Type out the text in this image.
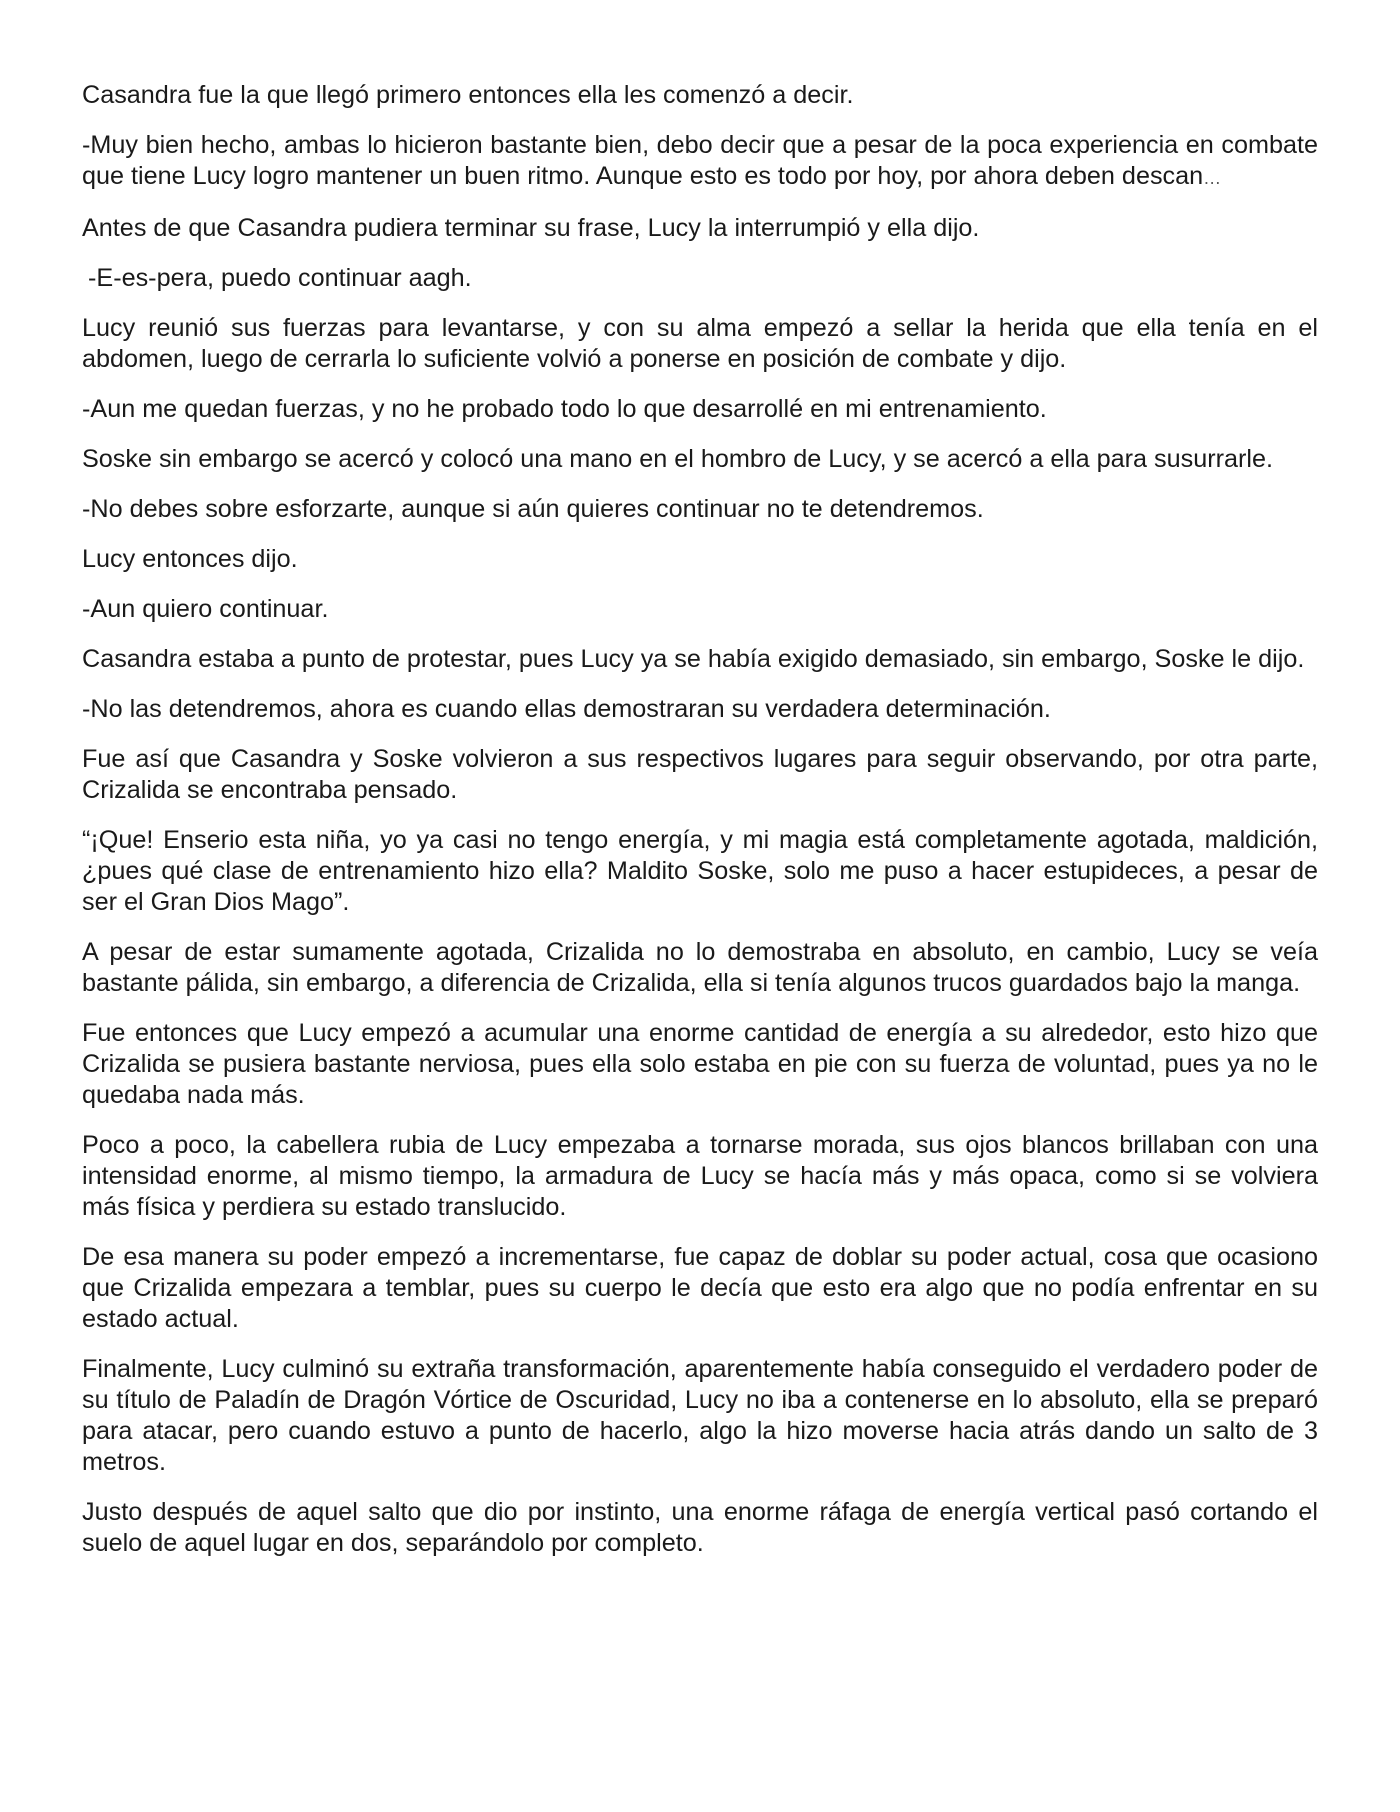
Casandra fue la que llegó primero entonces ella les comenzó a decir.

-Muy bien hecho, ambas lo hicieron bastante bien, debo decir que a pesar de la poca experiencia en combate que tiene Lucy logro mantener un buen ritmo. Aunque esto es todo por hoy, por ahora deben descan…

Antes de que Casandra pudiera terminar su frase, Lucy la interrumpió y ella dijo.

-E-es-pera, puedo continuar aagh.

Lucy reunió sus fuerzas para levantarse, y con su alma empezó a sellar la herida que ella tenía en el abdomen, luego de cerrarla lo suficiente volvió a ponerse en posición de combate y dijo.

-Aun me quedan fuerzas, y no he probado todo lo que desarrollé en mi entrenamiento.

Soske sin embargo se acercó y colocó una mano en el hombro de Lucy, y se acercó a ella para susurrarle.

-No debes sobre esforzarte, aunque si aún quieres continuar no te detendremos.

Lucy entonces dijo.

-Aun quiero continuar.

Casandra estaba a punto de protestar, pues Lucy ya se había exigido demasiado, sin embargo, Soske le dijo.

-No las detendremos, ahora es cuando ellas demostraran su verdadera determinación.

Fue así que Casandra y Soske volvieron a sus respectivos lugares para seguir observando, por otra parte, Crizalida se encontraba pensado.

“¡Que! Enserio esta niña, yo ya casi no tengo energía, y mi magia está completamente agotada, maldición, ¿pues qué clase de entrenamiento hizo ella? Maldito Soske, solo me puso a hacer estupideces, a pesar de ser el Gran Dios Mago”.

A pesar de estar sumamente agotada, Crizalida no lo demostraba en absoluto, en cambio, Lucy se veía bastante pálida, sin embargo, a diferencia de Crizalida, ella si tenía algunos trucos guardados bajo la manga.

Fue entonces que Lucy empezó a acumular una enorme cantidad de energía a su alrededor, esto hizo que Crizalida se pusiera bastante nerviosa, pues ella solo estaba en pie con su fuerza de voluntad, pues ya no le quedaba nada más.

Poco a poco, la cabellera rubia de Lucy empezaba a tornarse morada, sus ojos blancos brillaban con una intensidad enorme, al mismo tiempo, la armadura de Lucy se hacía más y más opaca, como si se volviera más física y perdiera su estado translucido.

De esa manera su poder empezó a incrementarse, fue capaz de doblar su poder actual, cosa que ocasiono que Crizalida empezara a temblar, pues su cuerpo le decía que esto era algo que no podía enfrentar en su estado actual.

Finalmente, Lucy culminó su extraña transformación, aparentemente había conseguido el verdadero poder de su título de Paladín de Dragón Vórtice de Oscuridad, Lucy no iba a contenerse en lo absoluto, ella se preparó para atacar, pero cuando estuvo a punto de hacerlo, algo la hizo moverse hacia atrás dando un salto de 3 metros.

Justo después de aquel salto que dio por instinto, una enorme ráfaga de energía vertical pasó cortando el suelo de aquel lugar en dos, separándolo por completo.
